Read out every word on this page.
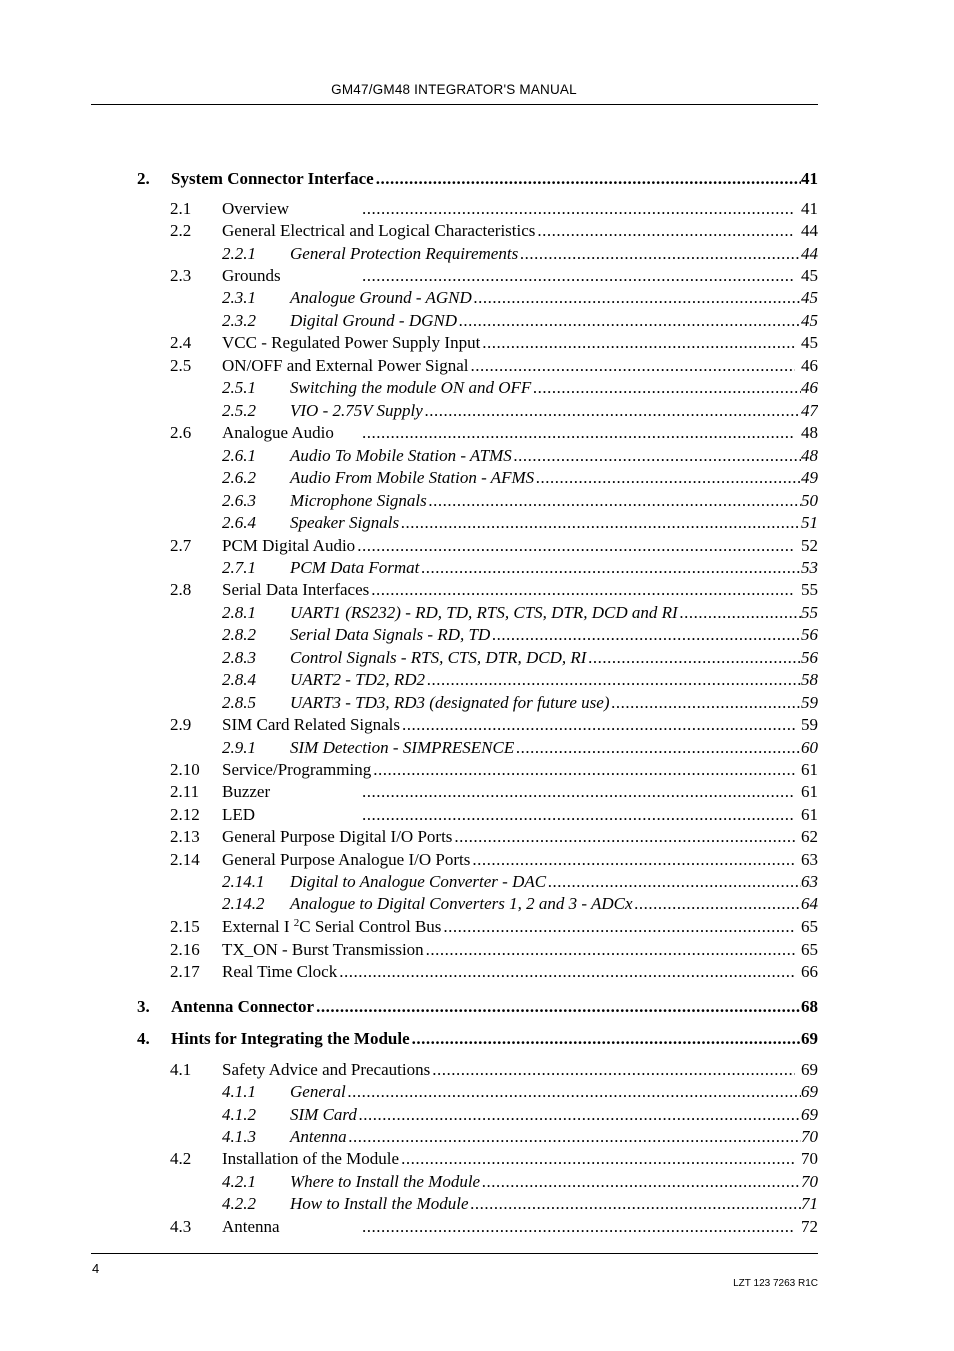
GM47/GM48 INTEGRATOR'S MANUAL
2.	System Connector Interface .....	41
2.1	Overview .....	41
2.2	General Electrical and Logical Characteristics .....	44
2.2.1	General Protection Requirements .....	44
2.3	Grounds .....	45
2.3.1	Analogue Ground - AGND .....	45
2.3.2	Digital Ground - DGND .....	45
2.4	VCC - Regulated Power Supply Input .....	45
2.5	ON/OFF and External Power Signal .....	46
2.5.1	Switching the module ON and OFF .....	46
2.5.2	VIO - 2.75V Supply .....	47
2.6	Analogue Audio .....	48
2.6.1	Audio To Mobile Station - ATMS .....	48
2.6.2	Audio From Mobile Station - AFMS .....	49
2.6.3	Microphone Signals .....	50
2.6.4	Speaker Signals .....	51
2.7	PCM Digital Audio .....	52
2.7.1	PCM Data Format .....	53
2.8	Serial Data Interfaces .....	55
2.8.1	UART1 (RS232) - RD, TD, RTS, CTS, DTR, DCD and RI .....	55
2.8.2	Serial Data Signals - RD, TD .....	56
2.8.3	Control Signals - RTS, CTS, DTR, DCD, RI .....	56
2.8.4	UART2 - TD2, RD2 .....	58
2.8.5	UART3 - TD3, RD3 (designated for future use) .....	59
2.9	SIM Card Related Signals .....	59
2.9.1	SIM Detection - SIMPRESENCE .....	60
2.10	Service/Programming .....	61
2.11	Buzzer .....	61
2.12	LED .....	61
2.13	General Purpose Digital I/O Ports .....	62
2.14	General Purpose Analogue I/O Ports .....	63
2.14.1	Digital to Analogue Converter - DAC .....	63
2.14.2	Analogue to Digital Converters 1, 2 and 3 - ADCx .....	64
2.15	External I $^2$C Serial Control Bus .....	65
2.16	TX_ON - Burst Transmission .....	65
2.17	Real Time Clock .....	66
3.	Antenna Connector .....	68
4.	Hints for Integrating the Module .....	69
4.1	Safety Advice and Precautions .....	69
4.1.1	General .....	69
4.1.2	SIM Card .....	69
4.1.3	Antenna .....	70
4.2	Installation of the Module .....	70
4.2.1	Where to Install the Module .....	70
4.2.2	How to Install the Module .....	71
4.3	Antenna .....	72
4
LZT 123 7263 R1C
